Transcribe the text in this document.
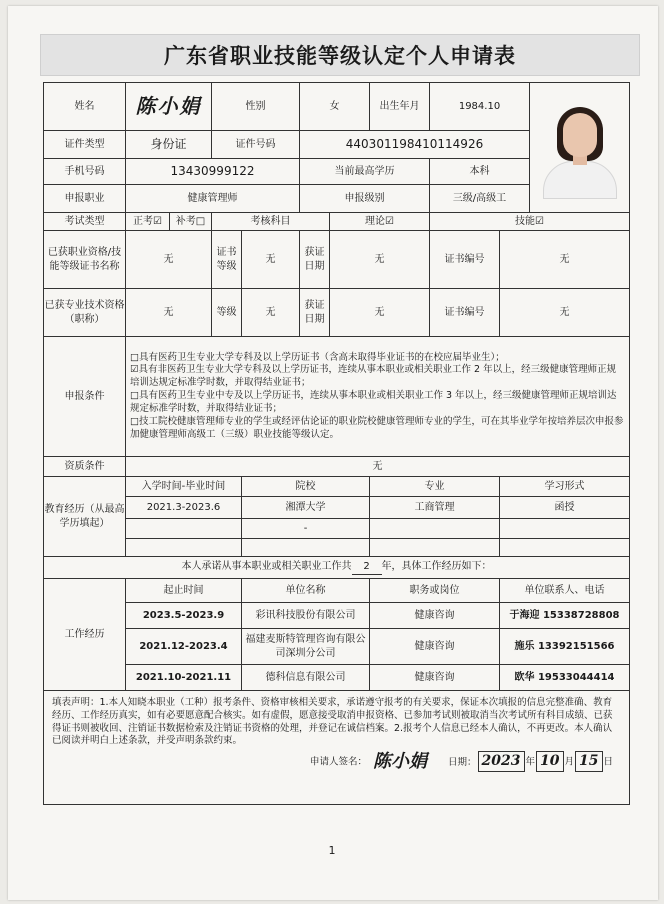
广东省职业技能等级认定个人申请表
姓名	陈小娟		性别		女		出生年月	1984.10		

证件类型	身份证		证件号码		440301198410114926					
手机号码	13430999122				当前最高学历			本科		
申报职业	健康管理师				申报级别			三级/高级工		
考试类型	正考☑	补考□	考核科目			理论☑		技能☑		
已获职业资格/技能等级证书名称	无		证书等级	无	获证日期	无		证书编号	无	
已获专业技术资格（职称）	无		等级	无	获证日期	无		证书编号	无	
申报条件	□具有医药卫生专业大学专科及以上学历证书（含高未取得毕业证书的在校应届毕业生）；
☑具有非医药卫生专业大学专科及以上学历证书，连续从事本职业或相关职业工作 2 年以上，经三级健康管理师正规培训达规定标准学时数，并取得结业证书；
□具有医药卫生专业中专及以上学历证书，连续从事本职业或相关职业工作 3 年以上，经三级健康管理师正规培训达规定标准学时数，并取得结业证书；
□技工院校健康管理师专业的学生或经评估论证的职业院校健康管理师专业的学生，可在其毕业学年按培养层次申报参加健康管理师高级工（三级）职业技能等级认定。									

资质条件	无									
教育经历（从最高学历填起）	入学时间-毕业时间			院校			专业		学习形式	
	2021.3-2023.6			湘潭大学			工商管理		函授	
				-						

本人承诺从事本职业或相关职业工作共 2 年，具体工作经历如下：										
工作经历	起止时间			单位名称			职务或岗位		单位联系人、电话	
	2023.5-2023.9			彩讯科技股份有限公司			健康咨询		于海迎 15338728808	
	2021.12-2023.4			福建麦斯特管理咨询有限公司深圳分公司			健康咨询		施乐 13392151566	
	2021.10-2021.11			德科信息有限公司			健康咨询		欧华 19533044414	

填表声明：1.本人知晓本职业（工种）报考条件、资格审核相关要求，承诺遵守报考的有关要求，保证本次填报的信息完整准确、教育经历、工作经历真实，如有必要愿意配合核实。如有虚假，愿意接受取消申报资格、已参加考试则被取消当次考试所有科目成绩、已获得证书则被收回、注销证书数据检索及注销证书资格的处理，并登记在诚信档案。2.报考个人信息已经本人确认，不再更改。本人确认已阅读并明白上述条款，并受声明条款约束。
申请人签名： 陈小娟 日期： 2023 年 10 月 15 日										
1
